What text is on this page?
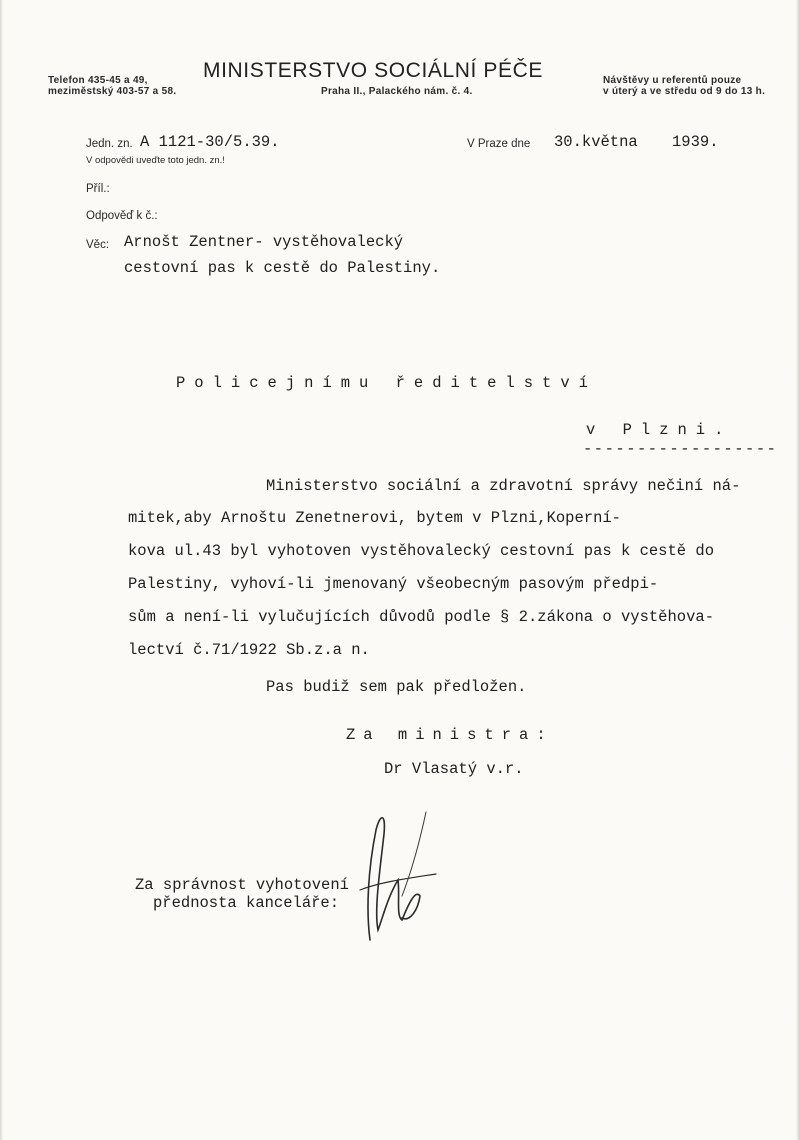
Telefon 435-45 a 49,
meziměstský 403-57 a 58.
MINISTERSTVO SOCIÁLNÍ PÉČE
Praha II., Palackého nám. č. 4.
Návštěvy u referentů pouze
v úterý a ve středu od 9 do 13 h.
Jedn. zn. A 1121-30/5.39.
V odpovědi uveďte toto jedn. zn.!
V Praze dne 30.května 1939.
Příl.:
Odpověď k č.:
Věc: Arnošt Zentner- vystěhovalecký
cestovní pas k cestě do Palestiny.
Policejnímu ředitelství
v Plzni.
------------------
Ministerstvo sociální a zdravotní správy nečiní ná-
mitek,aby Arnoštu Zenetnerovi, bytem v Plzni,Koperní-
kova ul.43 byl vyhotoven vystěhovalecký cestovní pas k cestě do
Palestiny, vyhoví-li jmenovaný všeobecným pasovým předpi-
sům a není-li vylučujících důvodů podle § 2.zákona o vystěhova-
lectví č.71/1922 Sb.z.a n.
Pas budiž sem pak předložen.
Za ministra:
Dr Vlasatý v.r.
Za správnost vyhotovení
přednosta kanceláře:
